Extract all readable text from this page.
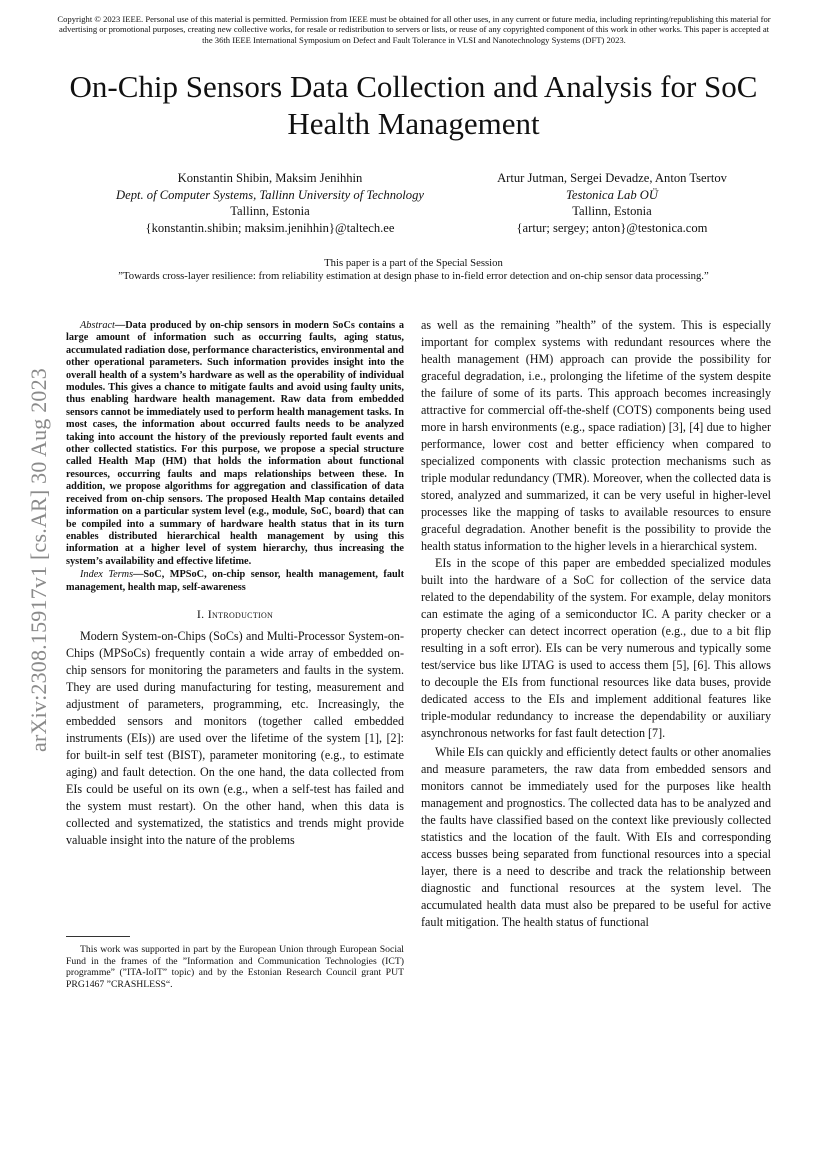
Copyright © 2023 IEEE. Personal use of this material is permitted. Permission from IEEE must be obtained for all other uses, in any current or future media, including reprinting/republishing this material for advertising or promotional purposes, creating new collective works, for resale or redistribution to servers or lists, or reuse of any copyrighted component of this work in other works. This paper is accepted at the 36th IEEE International Symposium on Defect and Fault Tolerance in VLSI and Nanotechnology Systems (DFT) 2023.
On-Chip Sensors Data Collection and Analysis for SoC Health Management
Konstantin Shibin, Maksim Jenihhin
Dept. of Computer Systems, Tallinn University of Technology
Tallinn, Estonia
{konstantin.shibin; maksim.jenihhin}@taltech.ee
Artur Jutman, Sergei Devadze, Anton Tsertov
Testonica Lab OÜ
Tallinn, Estonia
{artur; sergey; anton}@testonica.com
This paper is a part of the Special Session
”Towards cross-layer resilience: from reliability estimation at design phase to in-field error detection and on-chip sensor data processing.”
arXiv:2308.15917v1 [cs.AR] 30 Aug 2023

Abstract—Data produced by on-chip sensors in modern SoCs contains a large amount of information such as occurring faults, aging status, accumulated radiation dose, performance characteristics, environmental and other operational parameters. Such information provides insight into the overall health of a system’s hardware as well as the operability of individual modules. This gives a chance to mitigate faults and avoid using faulty units, thus enabling hardware health management. Raw data from embedded sensors cannot be immediately used to perform health management tasks. In most cases, the information about occurred faults needs to be analyzed taking into account the history of the previously reported fault events and other collected statistics. For this purpose, we propose a special structure called Health Map (HM) that holds the information about functional resources, occurring faults and maps relationships between these. In addition, we propose algorithms for aggregation and classification of data received from on-chip sensors. The proposed Health Map contains detailed information on a particular system level (e.g., module, SoC, board) that can be compiled into a summary of hardware health status that in its turn enables distributed hierarchical health management by using this information at a higher level of system hierarchy, thus increasing the system’s availability and effective lifetime.

Index Terms—SoC, MPSoC, on-chip sensor, health management, fault management, health map, self-awareness

I. Introduction

Modern System-on-Chips (SoCs) and Multi-Processor System-on-Chips (MPSoCs) frequently contain a wide array of embedded on-chip sensors for monitoring the parameters and faults in the system. They are used during manufacturing for testing, measurement and adjustment of parameters, programming, etc. Increasingly, the embedded sensors and monitors (together called embedded instruments (EIs)) are used over the lifetime of the system [1], [2]: for built-in self test (BIST), parameter monitoring (e.g., to estimate aging) and fault detection. On the one hand, the data collected from EIs could be useful on its own (e.g., when a self-test has failed and the system must restart). On the other hand, when this data is collected and systematized, the statistics and trends might provide valuable insight into the nature of the problems

This work was supported in part by the European Union through European Social Fund in the frames of the ”Information and Communication Technologies (ICT) programme” (”ITA-IoIT” topic) and by the Estonian Research Council grant PUT PRG1467 ”CRASHLESS“.

as well as the remaining ”health” of the system. This is especially important for complex systems with redundant resources where the health management (HM) approach can provide the possibility for graceful degradation, i.e., prolonging the lifetime of the system despite the failure of some of its parts. This approach becomes increasingly attractive for commercial off-the-shelf (COTS) components being used more in harsh environments (e.g., space radiation) [3], [4] due to higher performance, lower cost and better efficiency when compared to specialized components with classic protection mechanisms such as triple modular redundancy (TMR). Moreover, when the collected data is stored, analyzed and summarized, it can be very useful in higher-level processes like the mapping of tasks to available resources to ensure graceful degradation. Another benefit is the possibility to provide the health status information to the higher levels in a hierarchical system.

EIs in the scope of this paper are embedded specialized modules built into the hardware of a SoC for collection of the service data related to the dependability of the system. For example, delay monitors can estimate the aging of a semiconductor IC. A parity checker or a property checker can detect incorrect operation (e.g., due to a bit flip resulting in a soft error). EIs can be very numerous and typically some test/service bus like IJTAG is used to access them [5], [6]. This allows to decouple the EIs from functional resources like data buses, provide dedicated access to the EIs and implement additional features like triple-modular redundancy to increase the dependability or auxiliary asynchronous networks for fast fault detection [7].

While EIs can quickly and efficiently detect faults or other anomalies and measure parameters, the raw data from embedded sensors and monitors cannot be immediately used for the purposes like health management and prognostics. The collected data has to be analyzed and the faults have classified based on the context like previously collected statistics and the location of the fault. With EIs and corresponding access busses being separated from functional resources into a special layer, there is a need to describe and track the relationship between diagnostic and functional resources at the system level. The accumulated health data must also be prepared to be useful for active fault mitigation. The health status of functional
